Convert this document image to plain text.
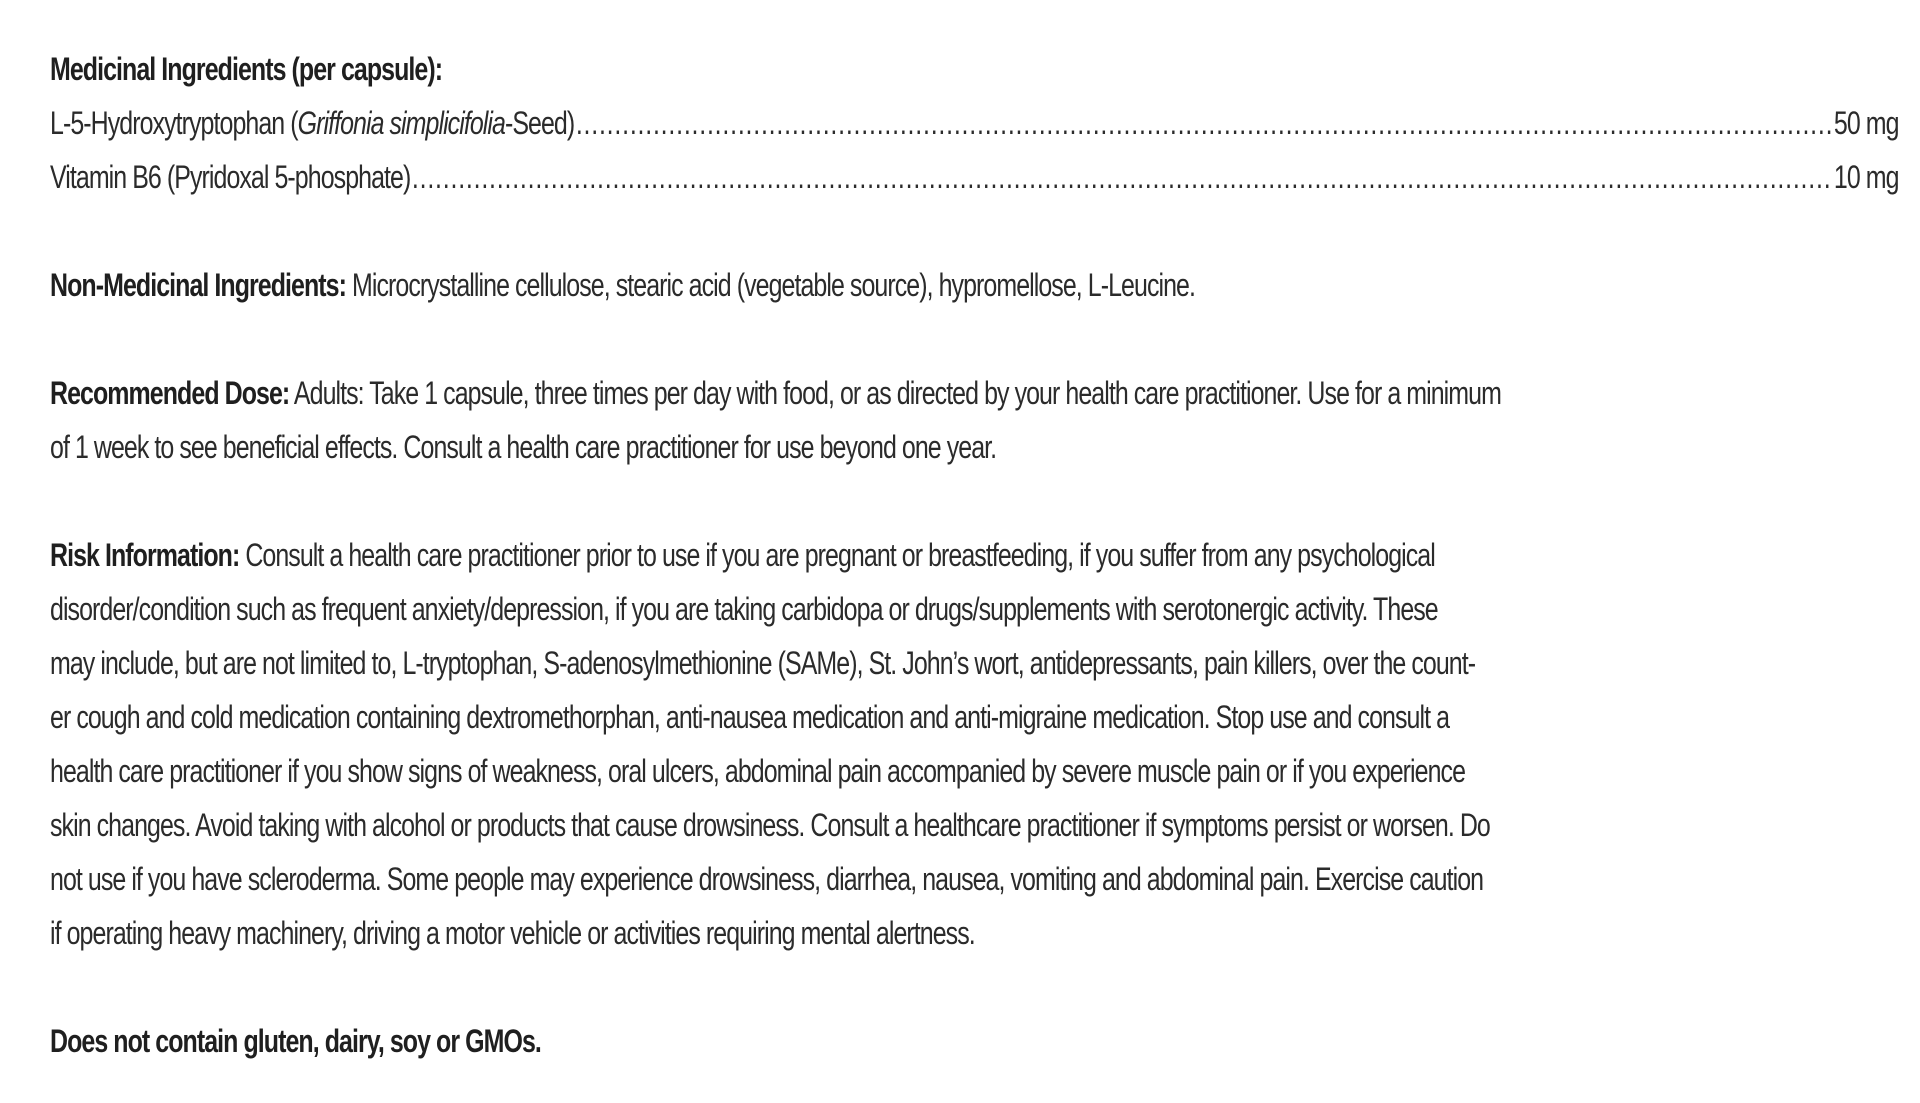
Medicinal Ingredients (per capsule):
L-5-Hydroxytryptophan (Griffonia simplicifolia-Seed) .....	50 mg
Vitamin B6 (Pyridoxal 5-phosphate) .....	10 mg
Non-Medicinal Ingredients: Microcrystalline cellulose, stearic acid (vegetable source), hypromellose, L-Leucine.
Recommended Dose: Adults: Take 1 capsule, three times per day with food, or as directed by your health care practitioner. Use for a minimum
of 1 week to see beneficial effects. Consult a health care practitioner for use beyond one year.
Risk Information: Consult a health care practitioner prior to use if you are pregnant or breastfeeding, if you suffer from any psychological
disorder/condition such as frequent anxiety/depression, if you are taking carbidopa or drugs/supplements with serotonergic activity. These
may include, but are not limited to, L-tryptophan, S-adenosylmethionine (SAMe), St. John’s wort, antidepressants, pain killers, over the count-
er cough and cold medication containing dextromethorphan, anti-nausea medication and anti-migraine medication. Stop use and consult a
health care practitioner if you show signs of weakness, oral ulcers, abdominal pain accompanied by severe muscle pain or if you experience
skin changes. Avoid taking with alcohol or products that cause drowsiness. Consult a healthcare practitioner if symptoms persist or worsen. Do
not use if you have scleroderma. Some people may experience drowsiness, diarrhea, nausea, vomiting and abdominal pain. Exercise caution
if operating heavy machinery, driving a motor vehicle or activities requiring mental alertness.
Does not contain gluten, dairy, soy or GMOs.
